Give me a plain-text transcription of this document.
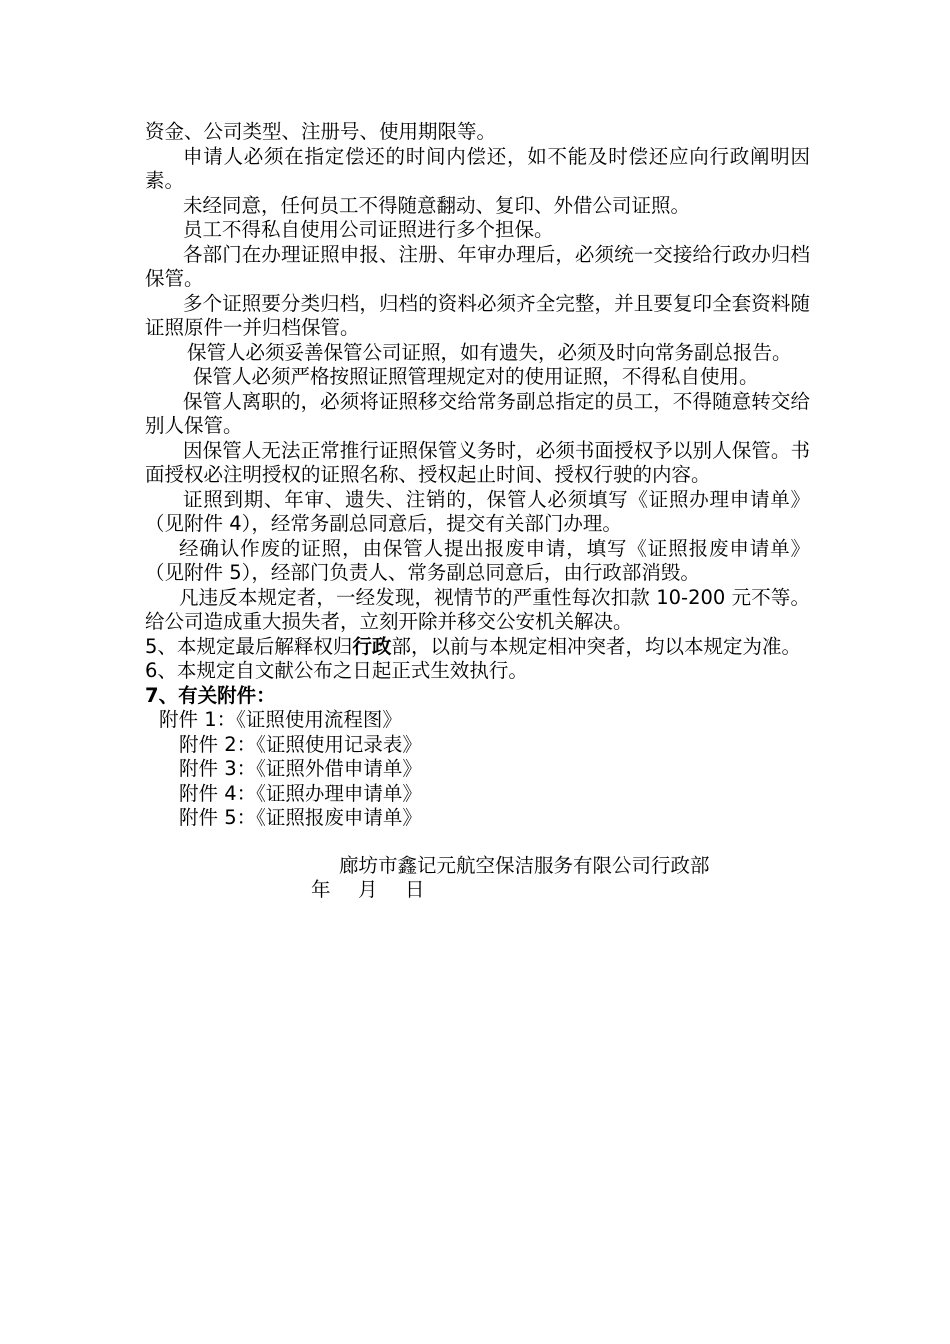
资金、公司类型、注册号、使用期限等。

申请人必须在指定偿还的时间内偿还，如不能及时偿还应向行政阐明因素。

未经同意，任何员工不得随意翻动、复印、外借公司证照。

员工不得私自使用公司证照进行多个担保。

各部门在办理证照申报、注册、年审办理后，必须统一交接给行政办归档保管。

多个证照要分类归档，归档的资料必须齐全完整，并且要复印全套资料随证照原件一并归档保管。

保管人必须妥善保管公司证照，如有遗失，必须及时向常务副总报告。

保管人必须严格按照证照管理规定对的使用证照，不得私自使用。

保管人离职的，必须将证照移交给常务副总指定的员工，不得随意转交给别人保管。

因保管人无法正常推行证照保管义务时，必须书面授权予以别人保管。书面授权必注明授权的证照名称、授权起止时间、授权行驶的内容。

证照到期、年审、遗失、注销的，保管人必须填写《证照办理申请单》（见附件 4），经常务副总同意后，提交有关部门办理。

经确认作废的证照，由保管人提出报废申请，填写《证照报废申请单》（见附件 5），经部门负责人、常务副总同意后，由行政部消毁。

凡违反本规定者，一经发现，视情节的严重性每次扣款 10-200 元不等。给公司造成重大损失者，立刻开除并移交公安机关解决。

5、本规定最后解释权归行政部，以前与本规定相冲突者，均以本规定为准。

6、本规定自文献公布之日起正式生效执行。

7、有关附件：

附件 1：《证照使用流程图》

附件 2：《证照使用记录表》

附件 3：《证照外借申请单》

附件 4：《证照办理申请单》

附件 5：《证照报废申请单》

廊坊市鑫记元航空保洁服务有限公司行政部

年 月 日
